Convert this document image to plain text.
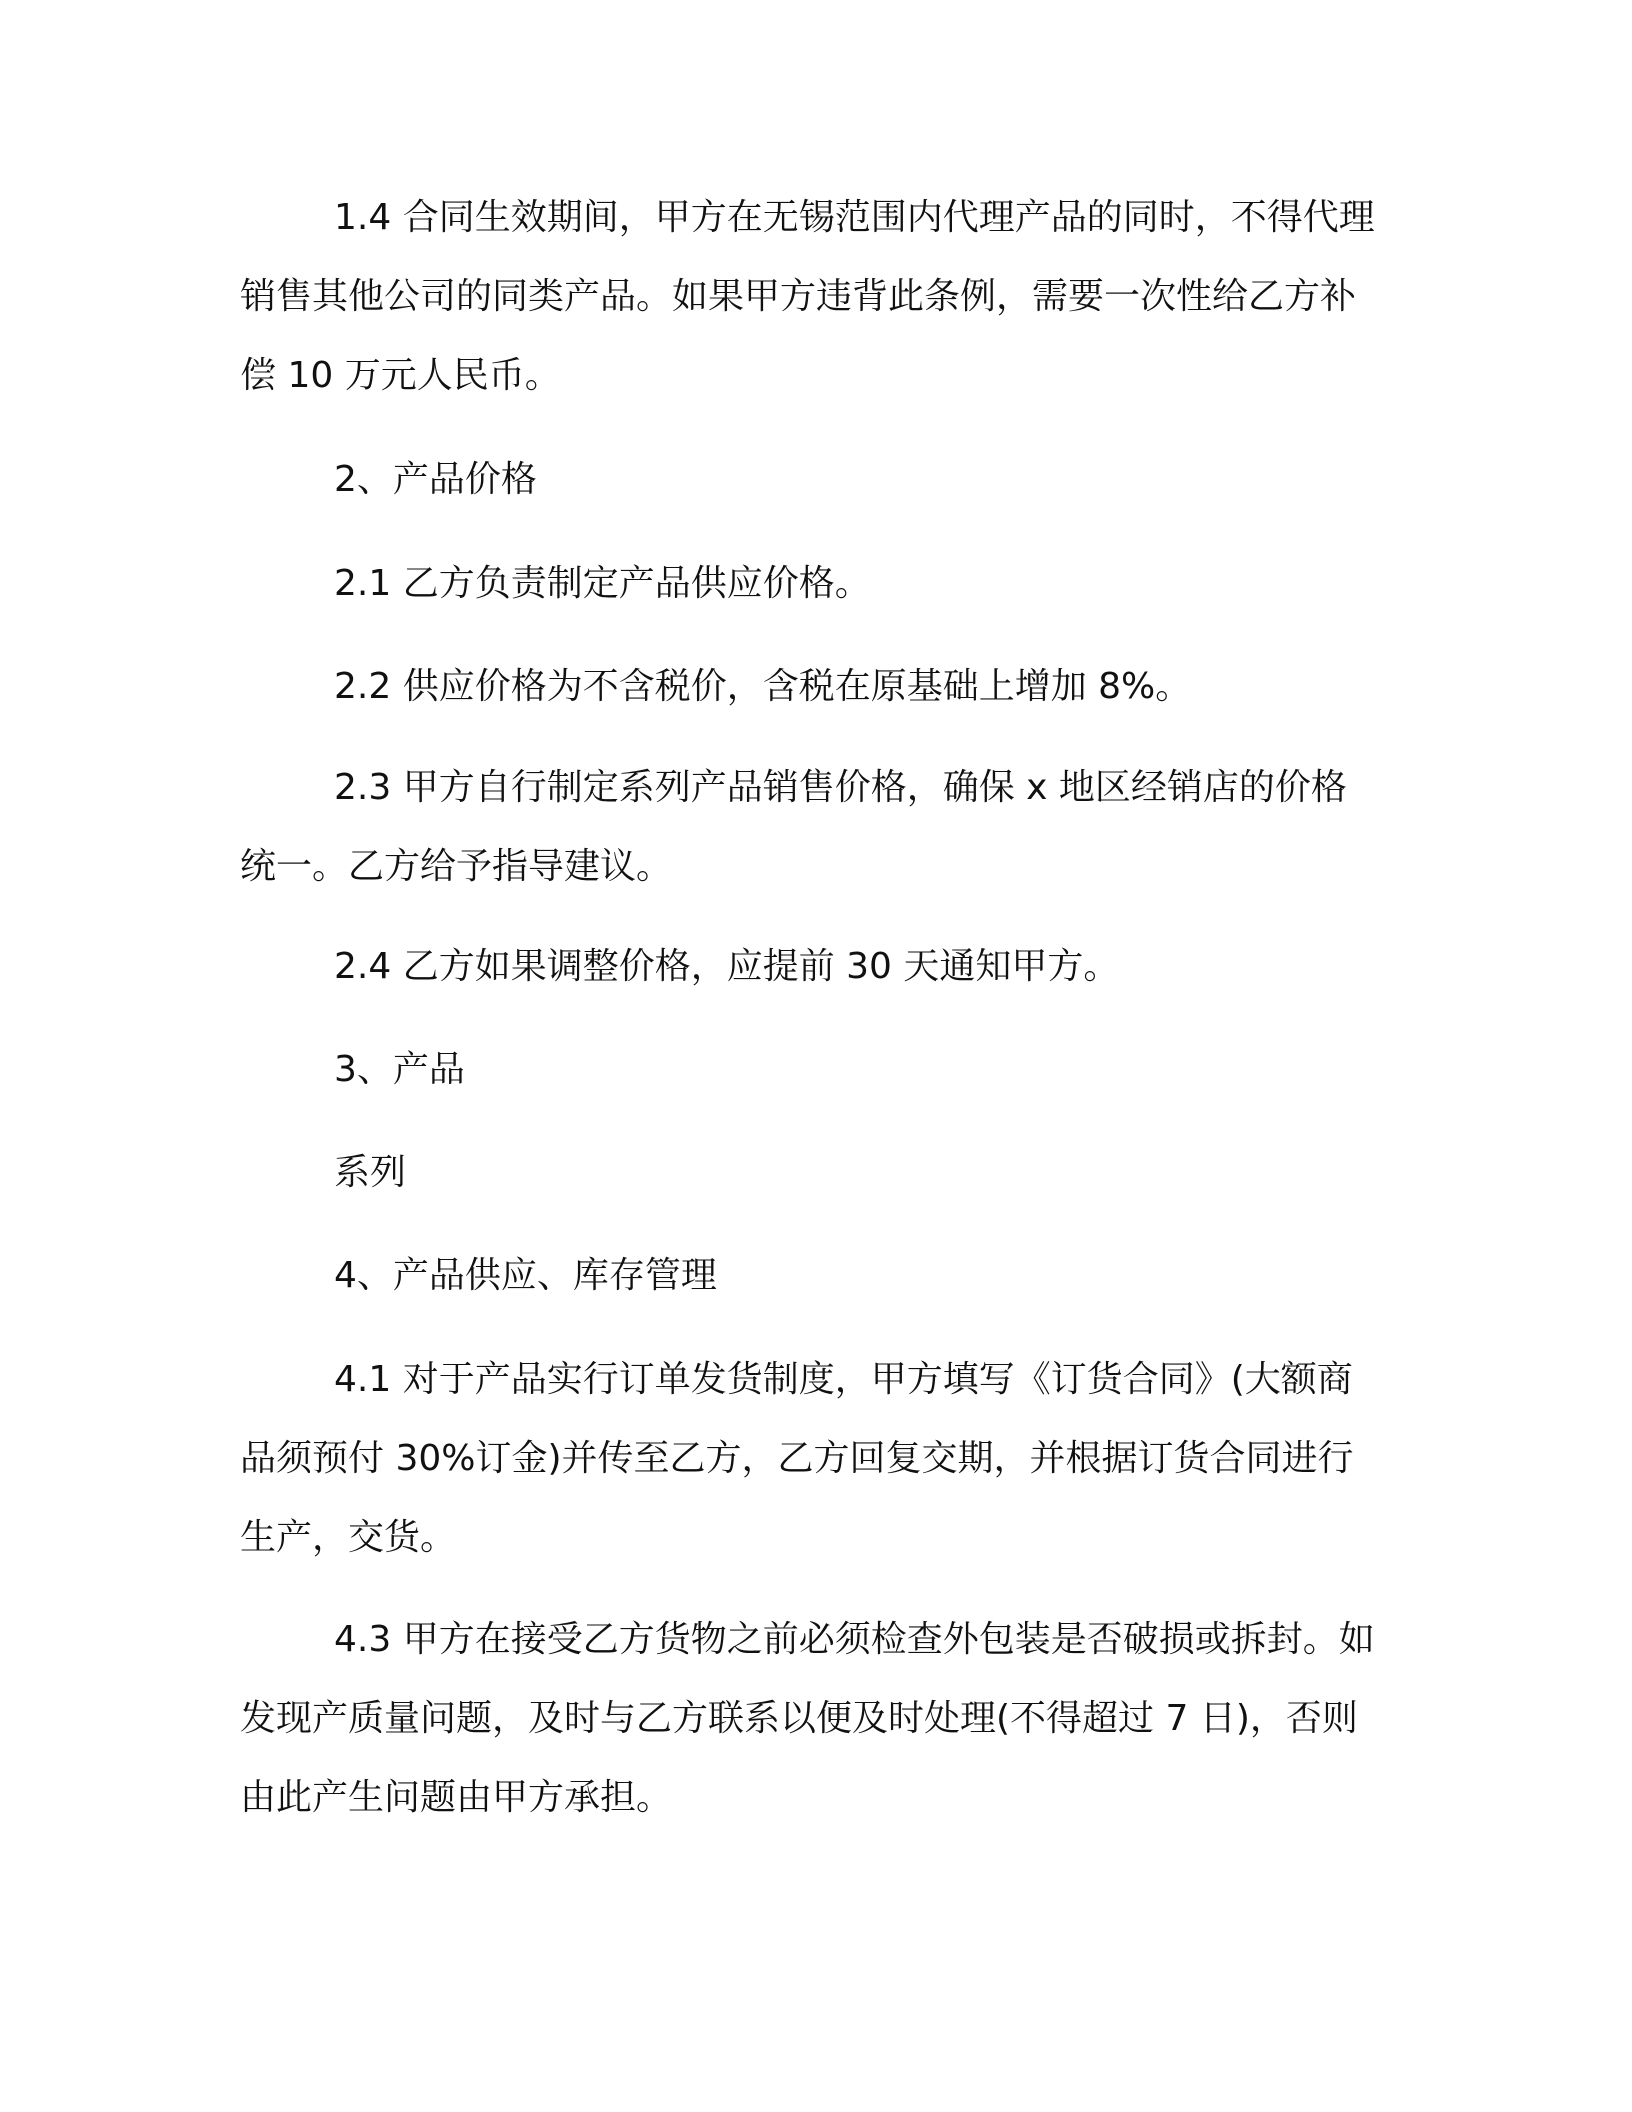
1.4 合同生效期间，甲方在无锡范围内代理产品的同时，不得代理销售其他公司的同类产品。如果甲方违背此条例，需要一次性给乙方补偿 10 万元人民币。

2、产品价格

2.1 乙方负责制定产品供应价格。

2.2 供应价格为不含税价，含税在原基础上增加 8%。

2.3 甲方自行制定系列产品销售价格，确保 x 地区经销店的价格统一。乙方给予指导建议。

2.4 乙方如果调整价格，应提前 30 天通知甲方。

3、产品

系列

4、产品供应、库存管理

4.1 对于产品实行订单发货制度，甲方填写《订货合同》(大额商品须预付 30%订金)并传至乙方，乙方回复交期，并根据订货合同进行生产，交货。

4.3 甲方在接受乙方货物之前必须检查外包装是否破损或拆封。如发现产质量问题，及时与乙方联系以便及时处理(不得超过 7 日)，否则由此产生问题由甲方承担。
